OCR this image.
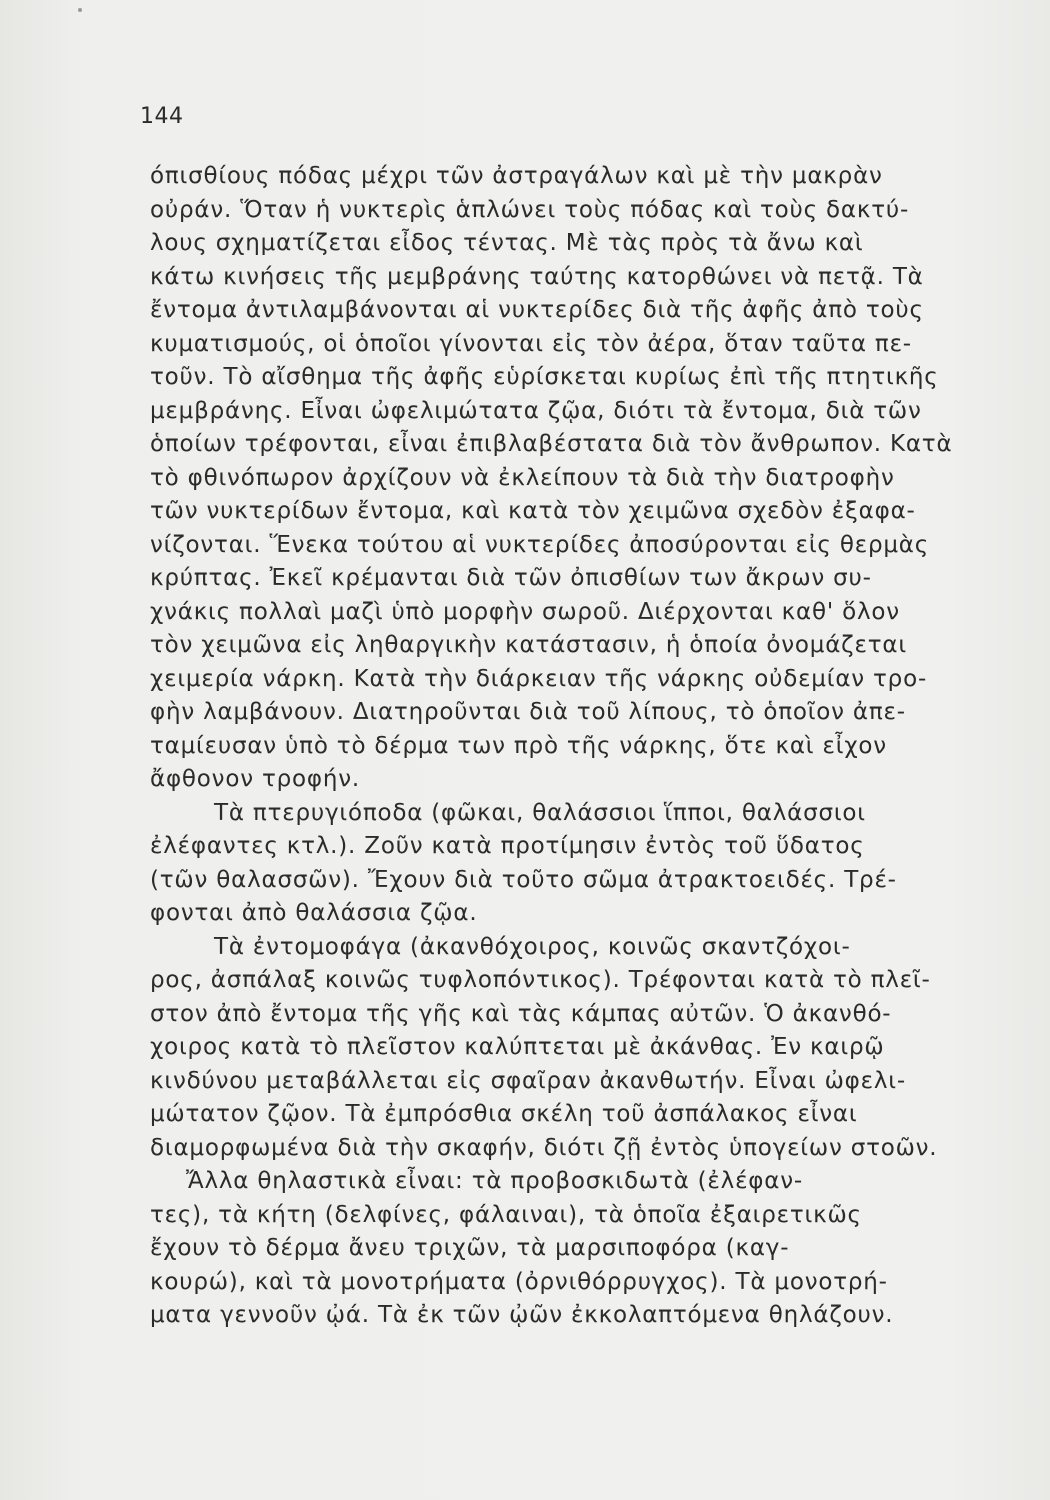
144
όπισθίους πόδας μέχρι τῶν ἀστραγάλων καὶ μὲ τὴν μακρὰν
οὐράν. Ὅταν ἡ νυκτερὶς ἁπλώνει τοὺς πόδας καὶ τοὺς δακτύ-
λους σχηματίζεται εἶδος τέντας. Μὲ τὰς πρὸς τὰ ἄνω καὶ
κάτω κινήσεις τῆς μεμβράνης ταύτης κατορθώνει νὰ πετᾷ. Τὰ
ἔντομα ἀντιλαμβάνονται αἱ νυκτερίδες διὰ τῆς ἀφῆς ἀπὸ τοὺς
κυματισμούς, οἱ ὁποῖοι γίνονται εἰς τὸν ἀέρα, ὅταν ταῦτα πε-
τοῦν. Τὸ αἴσθημα τῆς ἀφῆς εὑρίσκεται κυρίως ἐπὶ τῆς πτητικῆς
μεμβράνης. Εἶναι ὠφελιμώτατα ζῷα, διότι τὰ ἔντομα, διὰ τῶν
ὁποίων τρέφονται, εἶναι ἐπιβλαβέστατα διὰ τὸν ἄνθρωπον. Κατὰ
τὸ φθινόπωρον ἀρχίζουν νὰ ἐκλείπουν τὰ διὰ τὴν διατροφὴν
τῶν νυκτερίδων ἔντομα, καὶ κατὰ τὸν χειμῶνα σχεδὸν ἐξαφα-
νίζονται. Ἕνεκα τούτου αἱ νυκτερίδες ἀποσύρονται εἰς θερμὰς
κρύπτας. Ἐκεῖ κρέμανται διὰ τῶν ὀπισθίων των ἄκρων συ-
χνάκις πολλαὶ μαζὶ ὑπὸ μορφὴν σωροῦ. Διέρχονται καθ' ὅλον
τὸν χειμῶνα εἰς ληθαργικὴν κατάστασιν, ἡ ὁποία ὀνομάζεται
χειμερία νάρκη. Κατὰ τὴν διάρκειαν τῆς νάρκης οὐδεμίαν τρο-
φὴν λαμβάνουν. Διατηροῦνται διὰ τοῦ λίπους, τὸ ὁποῖον ἀπε-
ταμίευσαν ὑπὸ τὸ δέρμα των πρὸ τῆς νάρκης, ὅτε καὶ εἶχον
ἄφθονον τροφήν.
Τὰ πτερυγιόποδα (φῶκαι, θαλάσσιοι ἵπποι, θαλάσσιοι
ἐλέφαντες κτλ.). Ζοῦν κατὰ προτίμησιν ἐντὸς τοῦ ὕδατος
(τῶν θαλασσῶν). Ἔχουν διὰ τοῦτο σῶμα ἀτρακτοειδές. Τρέ-
φονται ἀπὸ θαλάσσια ζῷα.
Τὰ ἐντομοφάγα (ἀκανθόχοιρος, κοινῶς σκαντζόχοι-
ρος, ἀσπάλαξ κοινῶς τυφλοπόντικος). Τρέφονται κατὰ τὸ πλεῖ-
στον ἀπὸ ἔντομα τῆς γῆς καὶ τὰς κάμπας αὐτῶν. Ὁ ἀκανθό-
χοιρος κατὰ τὸ πλεῖστον καλύπτεται μὲ ἀκάνθας. Ἐν καιρῷ
κινδύνου μεταβάλλεται εἰς σφαῖραν ἀκανθωτήν. Εἶναι ὠφελι-
μώτατον ζῷον. Τὰ ἐμπρόσθια σκέλη τοῦ ἀσπάλακος εἶναι
διαμορφωμένα διὰ τὴν σκαφήν, διότι ζῇ ἐντὸς ὑπογείων στοῶν.
Ἄλλα θηλαστικὰ εἶναι: τὰ προβοσκιδωτὰ (ἐλέφαν-
τες), τὰ κήτη (δελφίνες, φάλαιναι), τὰ ὁποῖα ἐξαιρετικῶς
ἔχουν τὸ δέρμα ἄνευ τριχῶν, τὰ μαρσιποφόρα (καγ-
κουρώ), καὶ τὰ μονοτρήματα (ὀρνιθόρρυγχος). Τὰ μονοτρή-
ματα γεννοῦν ᾠά. Τὰ ἐκ τῶν ᾠῶν ἐκκολαπτόμενα θηλάζουν.
